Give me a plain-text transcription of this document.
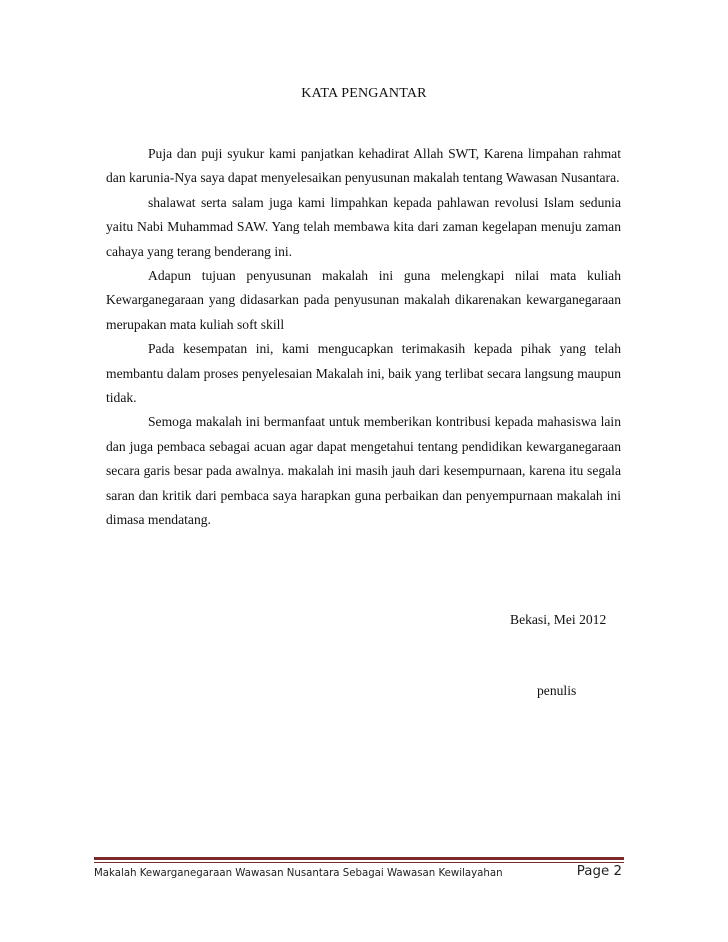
KATA PENGANTAR

Puja dan puji syukur kami panjatkan kehadirat Allah SWT, Karena limpahan rahmat dan karunia-Nya saya dapat menyelesaikan penyusunan makalah tentang Wawasan Nusantara.

shalawat serta salam juga kami limpahkan kepada pahlawan revolusi Islam sedunia yaitu Nabi Muhammad SAW. Yang telah membawa kita dari zaman kegelapan menuju zaman cahaya yang terang benderang ini.

Adapun tujuan penyusunan makalah ini guna melengkapi nilai mata kuliah Kewarganegaraan yang didasarkan pada penyusunan makalah dikarenakan kewarganegaraan merupakan mata kuliah soft skill

Pada kesempatan ini, kami mengucapkan terimakasih kepada pihak yang telah membantu dalam proses penyelesaian Makalah ini, baik yang terlibat secara langsung maupun tidak.

Semoga makalah ini bermanfaat untuk memberikan kontribusi kepada mahasiswa lain dan juga pembaca sebagai acuan agar dapat mengetahui tentang pendidikan kewarganegaraan secara garis besar pada awalnya. makalah ini masih jauh dari kesempurnaan, karena itu segala saran dan kritik dari pembaca saya harapkan guna perbaikan dan penyempurnaan makalah ini dimasa mendatang.

Bekasi, Mei 2012
penulis
Makalah Kewarganegaraan Wawasan Nusantara Sebagai Wawasan Kewilayahan	Page 2
